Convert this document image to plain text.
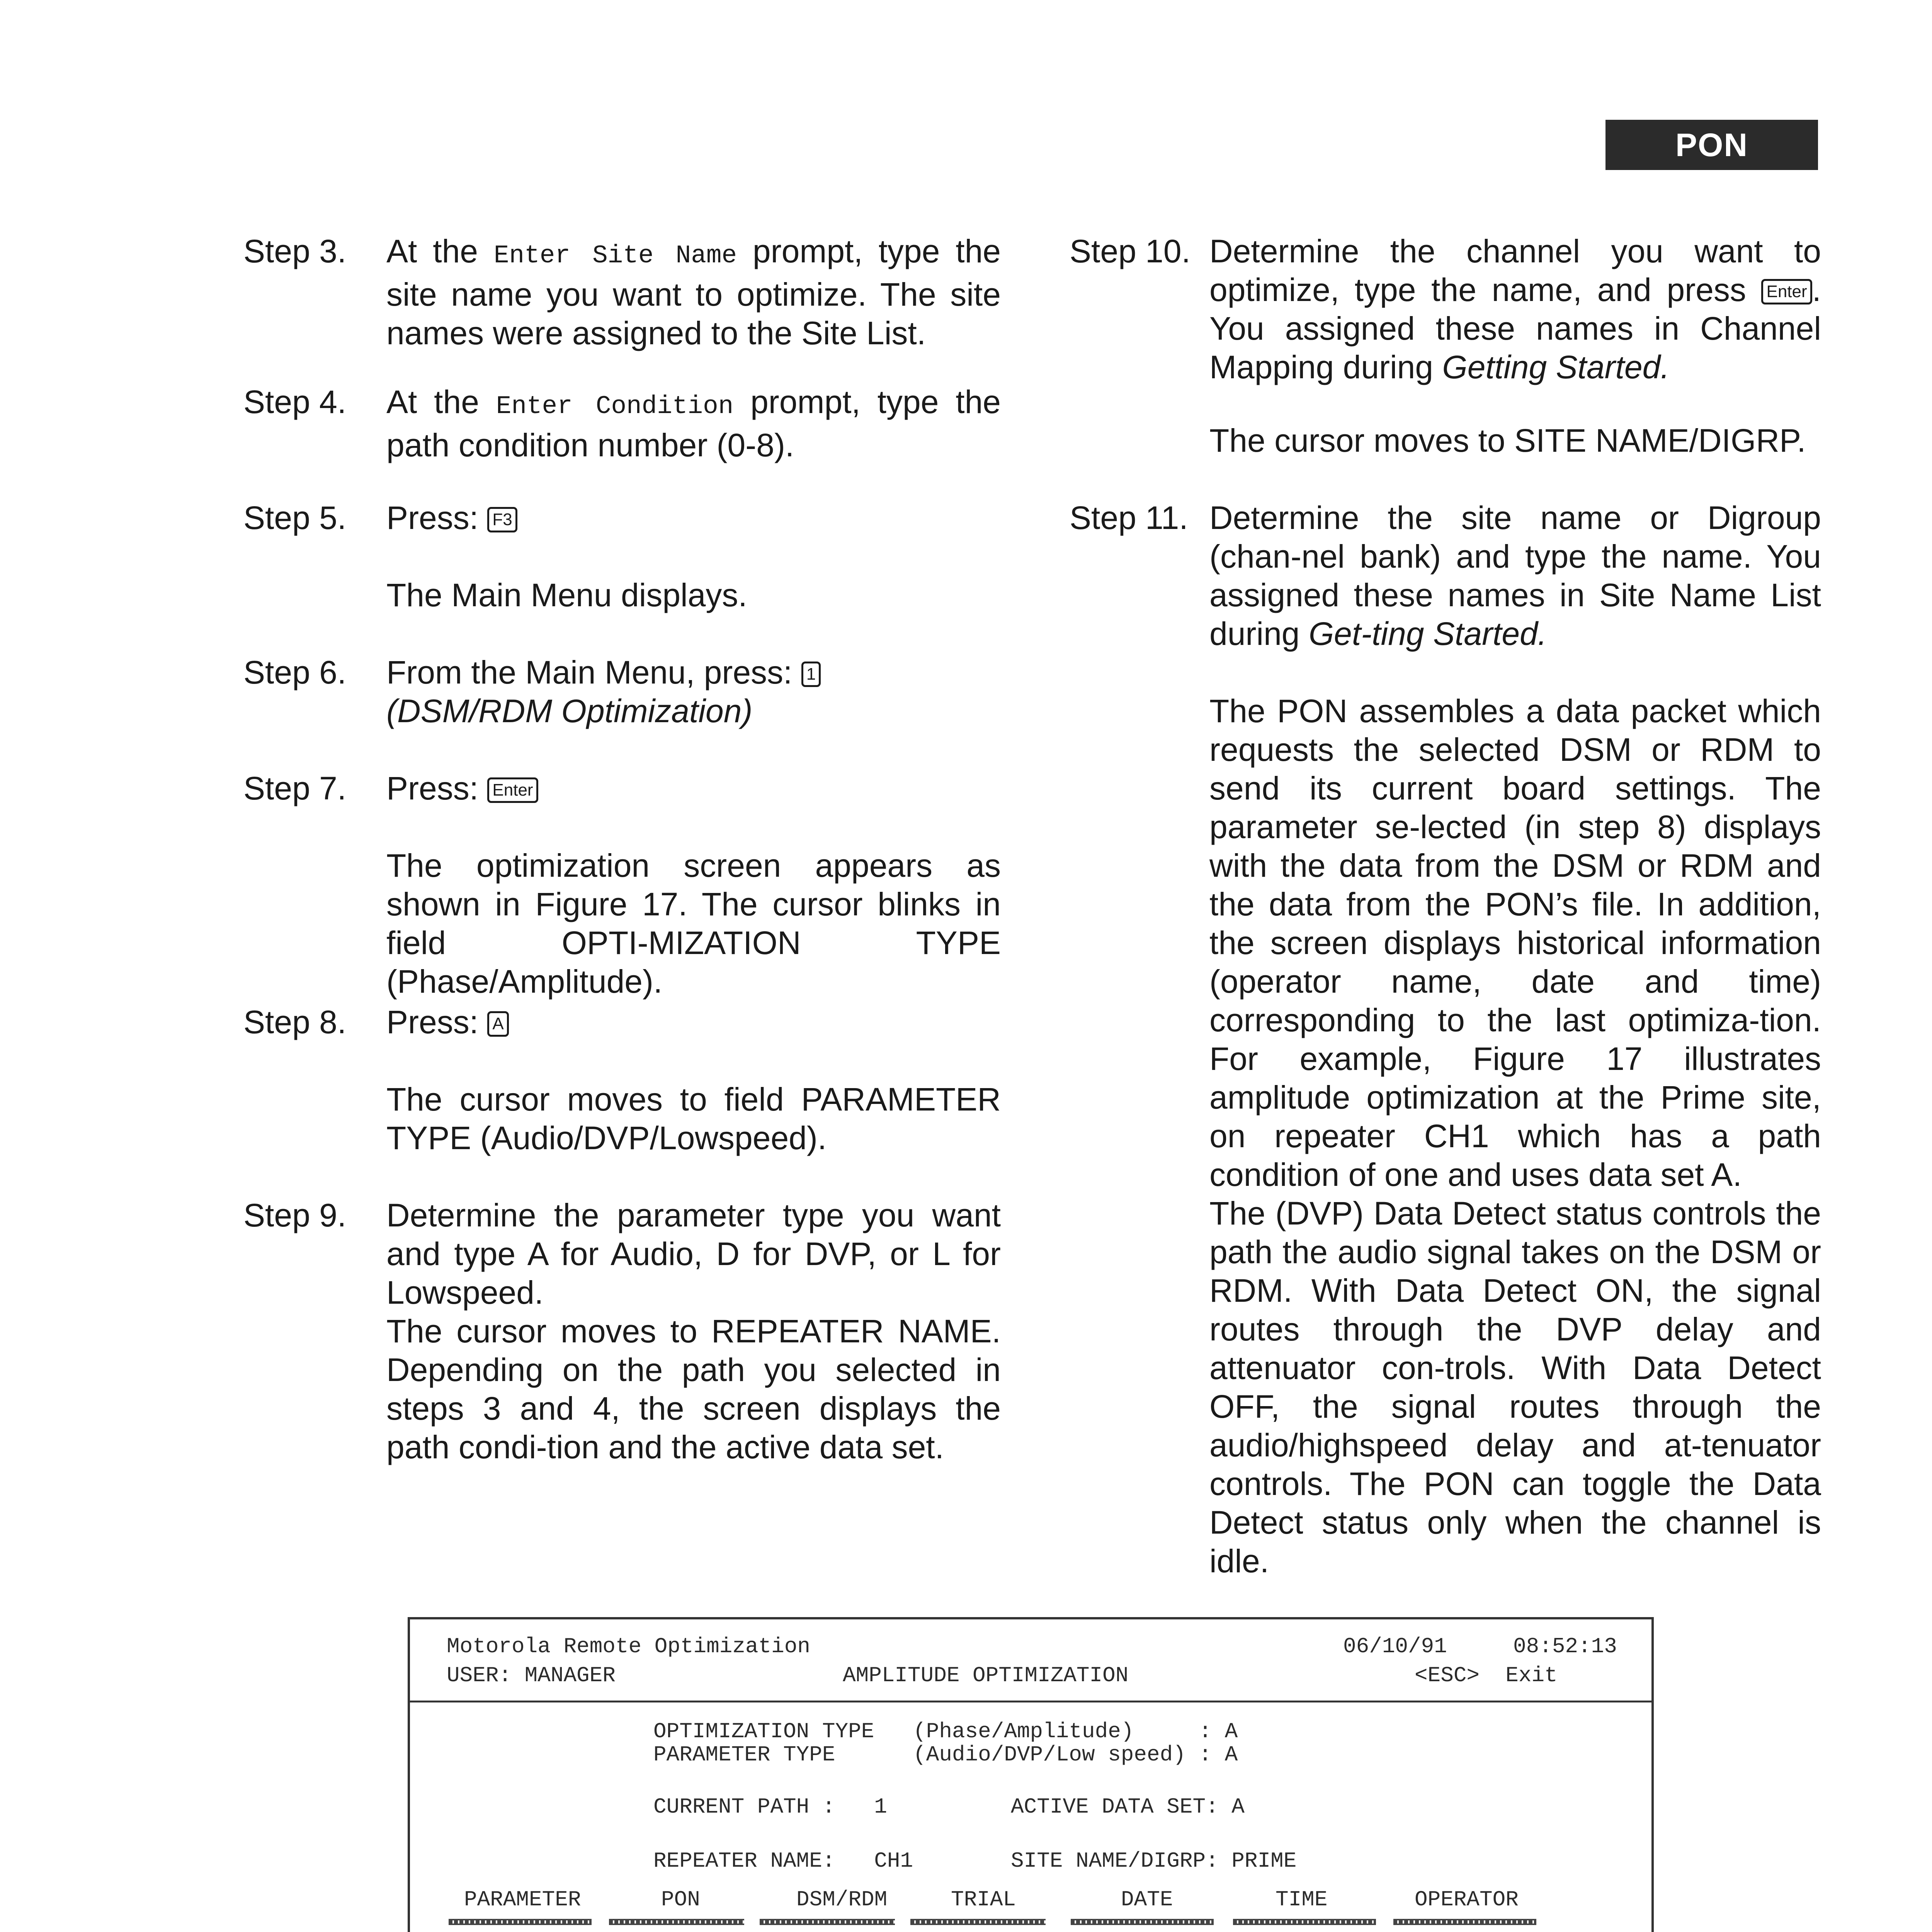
PON
Step 3. At the Enter Site Name prompt, type the site name you want to optimize. The site names were assigned to the Site List.

Step 4. At the Enter Condition prompt, type the path condition number (0-8).

Step 5. Press: F3

The Main Menu displays.

Step 6. From the Main Menu, press: 1
(DSM/RDM Optimization)

Step 7. Press: Enter

The optimization screen appears as shown in Figure 17. The cursor blinks in field OPTI-MIZATION TYPE (Phase/Amplitude).

Step 8. Press: A

The cursor moves to field PARAMETER TYPE (Audio/DVP/Lowspeed).

Step 9. Determine the parameter type you want and type A for Audio, D for DVP, or L for Lowspeed.

The cursor moves to REPEATER NAME. Depending on the path you selected in steps 3 and 4, the screen displays the path condi-tion and the active data set.

Step 10. Determine the channel you want to optimize, type the name, and press Enter . You assigned these names in Channel Mapping during Getting Started.

The cursor moves to SITE NAME/DIGRP.

Step 11. Determine the site name or Digroup (chan-nel bank) and type the name. You assigned these names in Site Name List during Get-ting Started.

The PON assembles a data packet which requests the selected DSM or RDM to send its current board settings. The parameter se-lected (in step 8) displays with the data from the DSM or RDM and the data from the PON’s file. In addition, the screen displays historical information (operator name, date and time) corresponding to the last optimiza-tion. For example, Figure 17 illustrates amplitude optimization at the Prime site, on repeater CH1 which has a path condition of one and uses data set A.

The (DVP) Data Detect status controls the path the audio signal takes on the DSM or RDM. With Data Detect ON, the signal routes through the DVP delay and attenuator con-trols. With Data Detect OFF, the signal routes through the audio/highspeed delay and at-tenuator controls. The PON can toggle the Data Detect status only when the channel is idle.

Motorola Remote Optimization	06/10/91	08:52:13
USER: MANAGER	AMPLITUDE OPTIMIZATION	<ESC>  Exit
OPTIMIZATION TYPE   (Phase/Amplitude)     : A
PARAMETER TYPE      (Audio/DVP/Low speed) : A
CURRENT PATH :   1	ACTIVE DATA SET: A
REPEATER NAME:   CH1	SITE NAME/DIGRP: PRIME
PARAMETER	PON	DSM/RDM	TRIAL	DATE	TIME	OPERATOR
